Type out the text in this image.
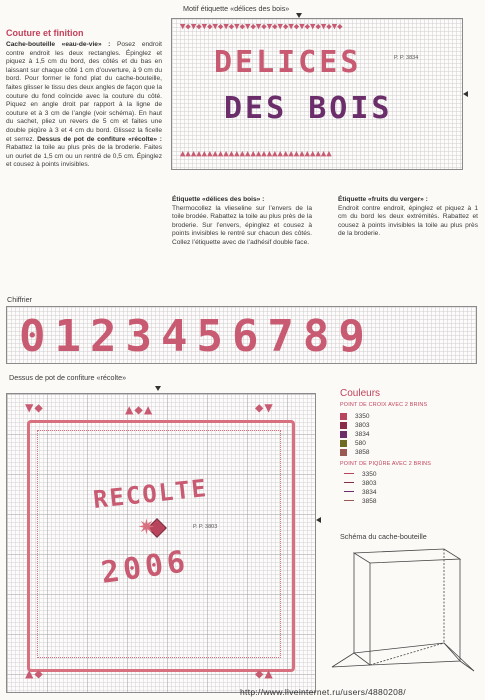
Couture et finition
Cache-bouteille «eau-de-vie» : Posez endroit contre endroit les deux rectangles. Épinglez et piquez à 1,5 cm du bord, des côtés et du bas en laissant sur chaque côté 1 cm d’ouverture, à 9 cm du bord. Pour former le fond plat du cache-bouteille, faites glisser le tissu des deux angles de façon que la couture du fond coïncide avec la couture du côté. Piquez en angle droit par rapport à la ligne de couture et à 3 cm de l’angle (voir schéma). En haut du sachet, pliez un revers de 5 cm et faites une double piqûre à 3 et 4 cm du bord. Glissez la ficelle et serrez. Dessus de pot de confiture «récolte» : Rabattez la toile au plus près de la broderie. Faites un ourlet de 1,5 cm ou un rentré de 0,5 cm. Épinglez et cousez à points invisibles.
Motif étiquette «délices des bois»
▼◆▼◆▼◆▼◆▼◆▼◆▼◆▼◆▼◆▼◆▼◆▼◆▼◆▼◆▼◆
DELICES	P. P. 3834
DES BOIS
▲▲▲▲▲▲▲▲▲▲▲▲▲▲▲▲▲▲▲▲▲▲▲▲▲▲▲▲
Étiquette «délices des bois» :
Thermocollez la vlieseline sur l’envers de la toile brodée. Rabattez la toile au plus près de la broderie. Sur l’envers, épinglez et cousez à points invisibles le rentré sur chacun des côtés. Collez l’étiquette avec de l’adhésif double face.
Étiquette «fruits du verger» :
Endroit contre endroit, épinglez et piquez à 1 cm du bord les deux extrémités. Rabattez et cousez à points invisibles la toile au plus près de la broderie.
Chiffrier
0123456789
Dessus de pot de confiture «récolte»
▼◆	◆▼
▲◆▲
▲◆	◆▲
RECOLTE
✷	P. P. 3803
2006
Couleurs
POINT DE CROIX AVEC 2 BRINS
3350
3803
3834
580
3858
POINT DE PIQÛRE AVEC 2 BRINS
3350
3803
3834
3858
Schéma du cache-bouteille
http://www.liveinternet.ru/users/4880208/
